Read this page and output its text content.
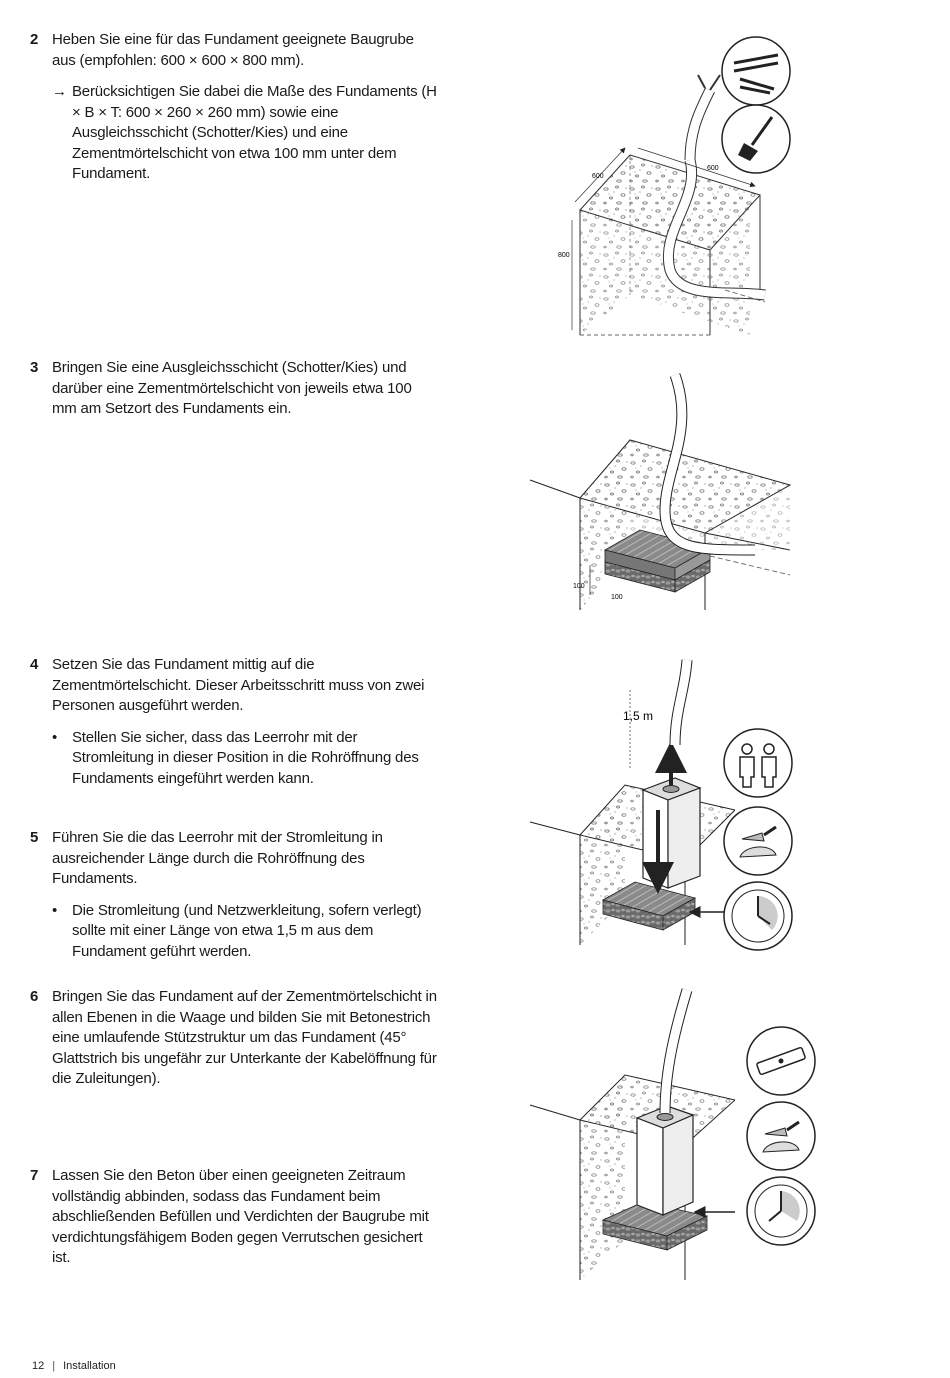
2 Heben Sie eine für das Fundament geeignete Baugrube aus (empfohlen: 600 × 600 × 800 mm).
→ Berücksichtigen Sie dabei die Maße des Fundaments (H × B × T: 600 × 260 × 260 mm) sowie eine Ausgleichsschicht (Schotter/Kies) und eine Zementmörtelschicht von etwa 100 mm unter dem Fundament.
3 Bringen Sie eine Ausgleichsschicht (Schotter/Kies) und darüber eine Zementmörtelschicht von jeweils etwa 100 mm am Setzort des Fundaments ein.
4 Setzen Sie das Fundament mittig auf die Zementmörtelschicht. Dieser Arbeitsschritt muss von zwei Personen ausgeführt werden.
• Stellen Sie sicher, dass das Leerrohr mit der Stromleitung in dieser Position in die Rohröffnung des Fundaments eingeführt werden kann.
5 Führen Sie die das Leerrohr mit der Stromleitung in ausreichender Länge durch die Rohröffnung des Fundaments.
• Die Stromleitung (und Netzwerkleitung, sofern verlegt) sollte mit einer Länge von etwa 1,5 m aus dem Fundament geführt werden.
6 Bringen Sie das Fundament auf der Zementmörtelschicht in allen Ebenen in die Waage und bilden Sie mit Betonestrich eine umlaufende Stützstruktur um das Fundament (45° Glattstrich bis ungefähr zur Unterkante der Kabelöffnung für die Zuleitungen).
7 Lassen Sie den Beton über einen geeigneten Zeitraum vollständig abbinden, sodass das Fundament beim abschließenden Befüllen und Verdichten der Baugrube mit verdichtungsfähigem Boden gegen Verrutschen gesichert ist.
600
600
800
100
100
1,5 m
12 | Installation
